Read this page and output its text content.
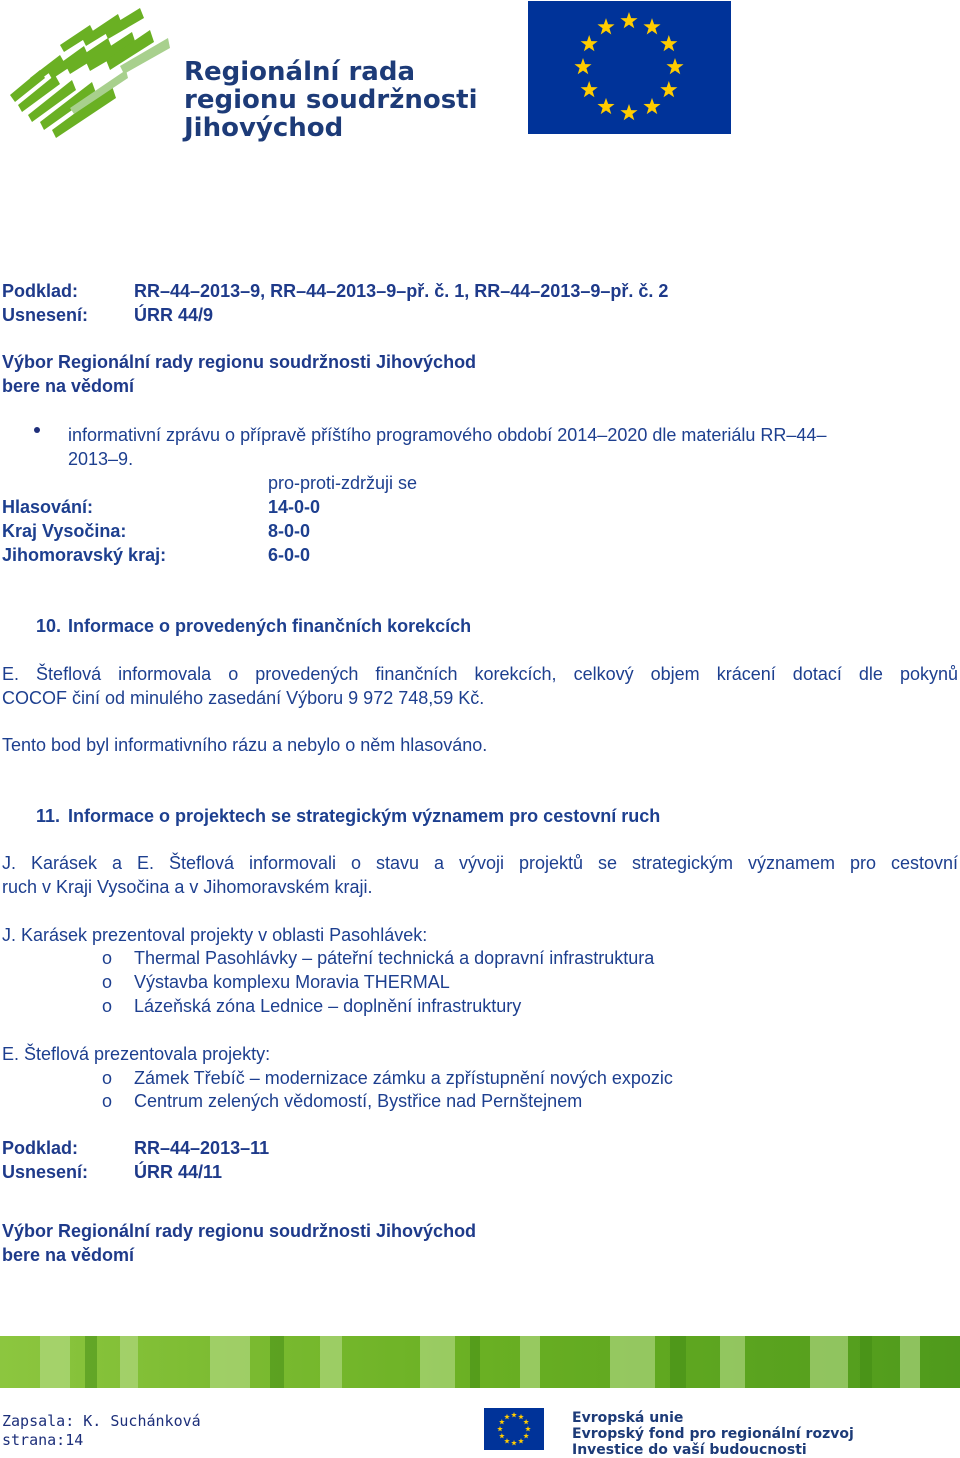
Regionální rada
regionu soudržnosti
Jihovýchod
Podklad:	RR–44–2013–9, RR–44–2013–9–př. č. 1, RR–44–2013–9–př. č. 2
Usnesení:	ÚRR 44/9
Výbor Regionální rady regionu soudržnosti Jihovýchod
bere na vědomí
informativní zprávu o přípravě příštího programového období 2014–2020 dle materiálu RR–44–
2013–9.
pro-proti-zdržuji se
Hlasování:	14-0-0
Kraj Vysočina:	8-0-0
Jihomoravský kraj:	6-0-0
10. Informace o provedených finančních korekcích
E. Šteflová informovala o provedených finančních korekcích, celkový objem krácení dotací dle pokynů
COCOF činí od minulého zasedání Výboru 9 972 748,59 Kč.
Tento bod byl informativního rázu a nebylo o něm hlasováno.
11. Informace o projektech se strategickým významem pro cestovní ruch
J. Karásek a E. Šteflová informovali o stavu a vývoji projektů se strategickým významem pro cestovní
ruch v Kraji Vysočina a v Jihomoravském kraji.
J. Karásek prezentoval projekty v oblasti Pasohlávek:
o Thermal Pasohlávky – páteřní technická a dopravní infrastruktura
o Výstavba komplexu Moravia THERMAL
o Lázeňská zóna Lednice – doplnění infrastruktury
E. Šteflová prezentovala projekty:
o Zámek Třebíč – modernizace zámku a zpřístupnění nových expozic
o Centrum zelených vědomostí, Bystřice nad Pernštejnem
Podklad:	RR–44–2013–11
Usnesení:	ÚRR 44/11
Výbor Regionální rady regionu soudržnosti Jihovýchod
bere na vědomí
Zapsala: K. Suchánková
strana:14
Evropská unie
Evropský fond pro regionální rozvoj
Investice do vaší budoucnosti
